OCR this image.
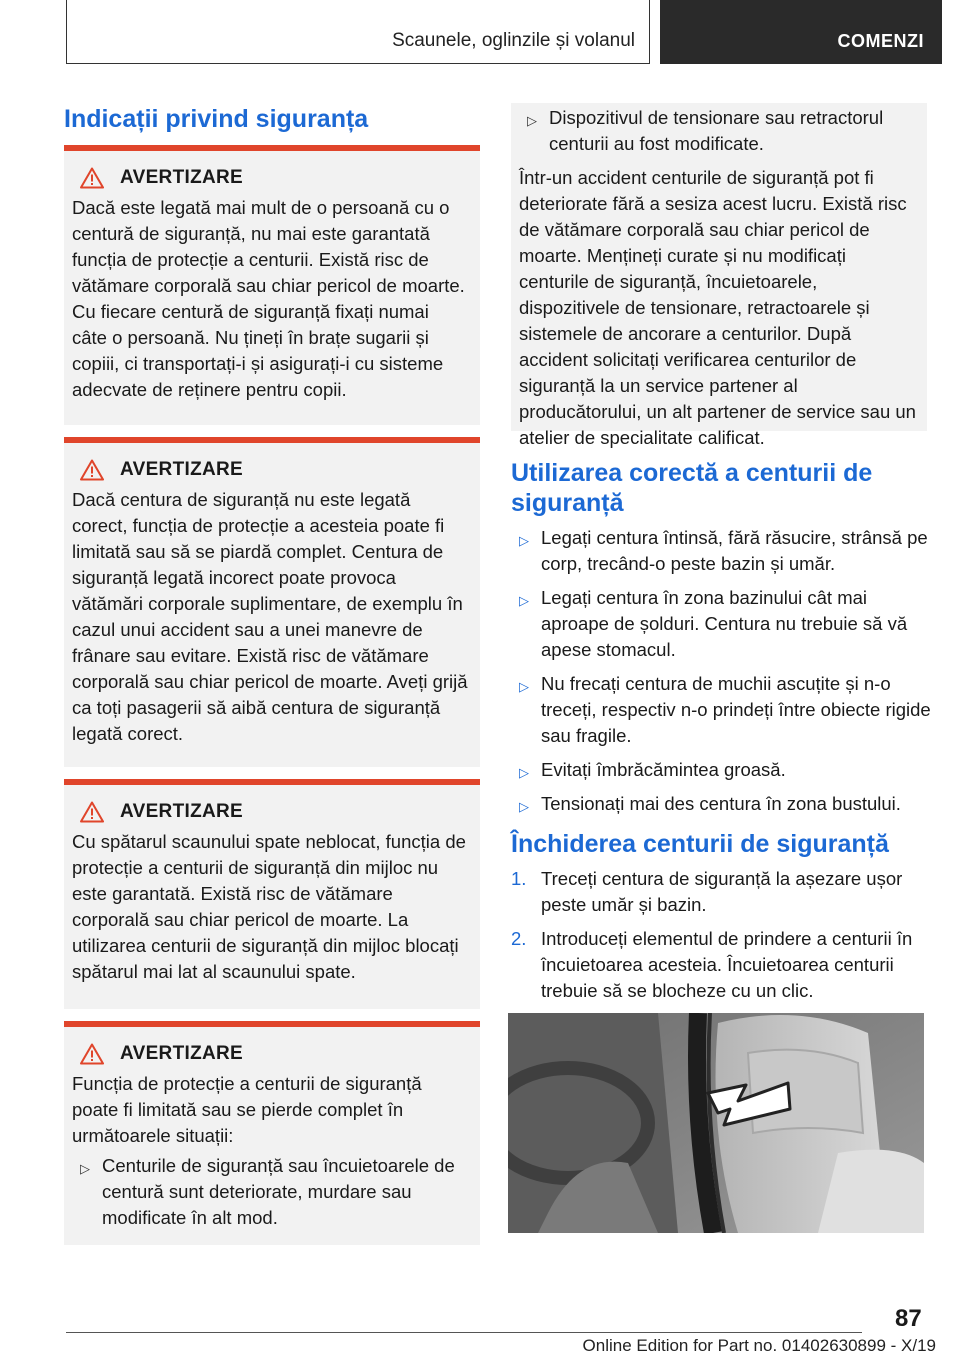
Scaunele, oglinzile și volanul	COMENZI
Indicații privind siguranța
AVERTIZARE
Dacă este legată mai mult de o persoană cu o centură de siguranță, nu mai este garantată funcția de protecție a centurii. Există risc de vătămare corporală sau chiar pericol de moarte. Cu fiecare centură de siguranță fixați numai câte o persoană. Nu țineți în brațe sugarii și copiii, ci transportați-i și asigurați-i cu sisteme adecvate de reținere pentru copii.
AVERTIZARE
Dacă centura de siguranță nu este legată corect, funcția de protecție a acesteia poate fi limitată sau să se piardă complet. Centura de siguranță legată incorect poate provoca vătămări corporale suplimentare, de exemplu în cazul unui accident sau a unei manevre de frânare sau evitare. Există risc de vătămare corporală sau chiar pericol de moarte. Aveți grijă ca toți pasagerii să aibă centura de siguranță legată corect.
AVERTIZARE
Cu spătarul scaunului spate neblocat, funcția de protecție a centurii de siguranță din mijloc nu este garantată. Există risc de vătămare corporală sau chiar pericol de moarte. La utilizarea centurii de siguranță din mijloc blocați spătarul mai lat al scaunului spate.
AVERTIZARE
Funcția de protecție a centurii de siguranță poate fi limitată sau se pierde complet în următoarele situații:
▷ Centurile de siguranță sau încuietoarele de centură sunt deteriorate, murdare sau modificate în alt mod.
▷ Dispozitivul de tensionare sau retractorul centurii au fost modificate.
Într-un accident centurile de siguranță pot fi deteriorate fără a sesiza acest lucru. Există risc de vătămare corporală sau chiar pericol de moarte. Mențineți curate și nu modificați centurile de siguranță, încuietoarele, dispozitivele de tensionare, retractoarele și sistemele de ancorare a centurilor. După accident solicitați verificarea centurilor de siguranță la un service partener al producătorului, un alt partener de service sau un atelier de specialitate calificat.
Utilizarea corectă a centurii de siguranță
▷ Legați centura întinsă, fără răsucire, strânsă pe corp, trecând-o peste bazin și umăr.
▷ Legați centura în zona bazinului cât mai aproape de șolduri. Centura nu trebuie să vă apese stomacul.
▷ Nu frecați centura de muchii ascuțite și n-o treceți, respectiv n-o prindeți între obiecte rigide sau fragile.
▷ Evitați îmbrăcămintea groasă.
▷ Tensionați mai des centura în zona bustului.
Închiderea centurii de siguranță
1. Treceți centura de siguranță la așezare ușor peste umăr și bazin.
2. Introduceți elementul de prindere a centurii în încuietoarea acesteia. Încuietoarea centurii trebuie să se blocheze cu un clic.
87
Online Edition for Part no. 01402630899 - X/19
